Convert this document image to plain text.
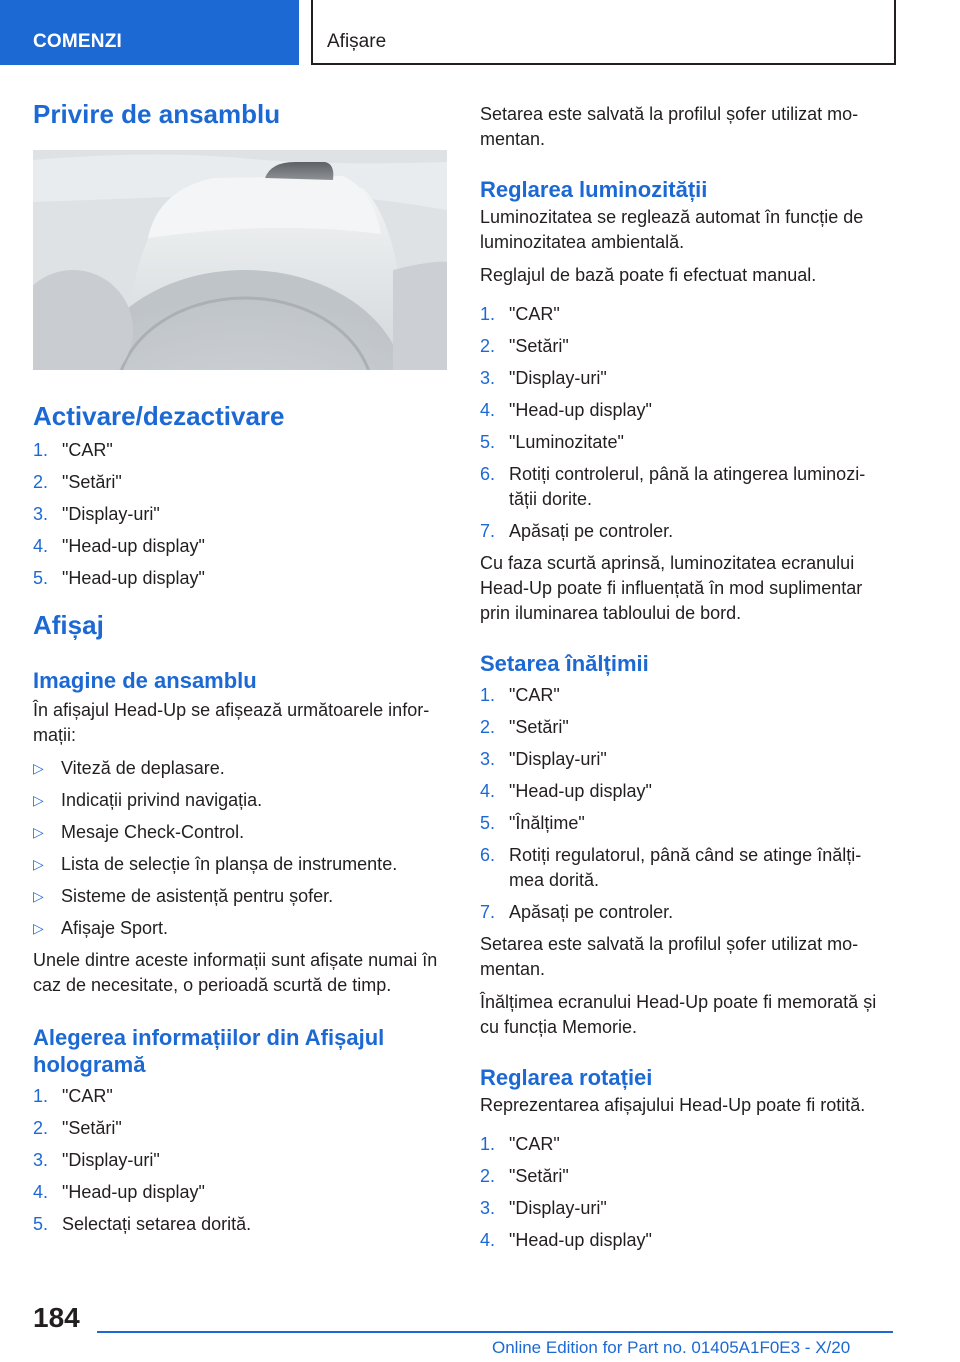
COMENZI	Afișare
Privire de ansamblu
Activare/dezactivare
1. "CAR"
2. "Setări"
3. "Display-uri"
4. "Head-up display"
5. "Head-up display"
Afișaj
Imagine de ansamblu

În afișajul Head-Up se afișează următoarele infor-mații:

▷ Viteză de deplasare.
▷ Indicații privind navigația.
▷ Mesaje Check-Control.
▷ Lista de selecție în planșa de instrumente.
▷ Sisteme de asistență pentru șofer.
▷ Afișaje Sport.

Unele dintre aceste informații sunt afișate numai în caz de necesitate, o perioadă scurtă de timp.

Alegerea informațiilor din Afișajul hologramă
1. "CAR"
2. "Setări"
3. "Display-uri"
4. "Head-up display"
5. Selectați setarea dorită.

Setarea este salvată la profilul șofer utilizat mo-mentan.

Reglarea luminozității

Luminozitatea se reglează automat în funcție de luminozitatea ambientală.

Reglajul de bază poate fi efectuat manual.

1. "CAR"
2. "Setări"
3. "Display-uri"
4. "Head-up display"
5. "Luminozitate"
6. Rotiți controlerul, până la atingerea luminozi-tății dorite.
7. Apăsați pe controler.

Cu faza scurtă aprinsă, luminozitatea ecranului Head-Up poate fi influențată în mod suplimentar prin iluminarea tabloului de bord.

Setarea înălțimii
1. "CAR"
2. "Setări"
3. "Display-uri"
4. "Head-up display"
5. "Înălțime"
6. Rotiți regulatorul, până când se atinge înălți-mea dorită.
7. Apăsați pe controler.

Setarea este salvată la profilul șofer utilizat mo-mentan.

Înălțimea ecranului Head-Up poate fi memorată și cu funcția Memorie.

Reglarea rotației

Reprezentarea afișajului Head-Up poate fi rotită.

1. "CAR"
2. "Setări"
3. "Display-uri"
4. "Head-up display"
184
Online Edition for Part no. 01405A1F0E3 - X/20
